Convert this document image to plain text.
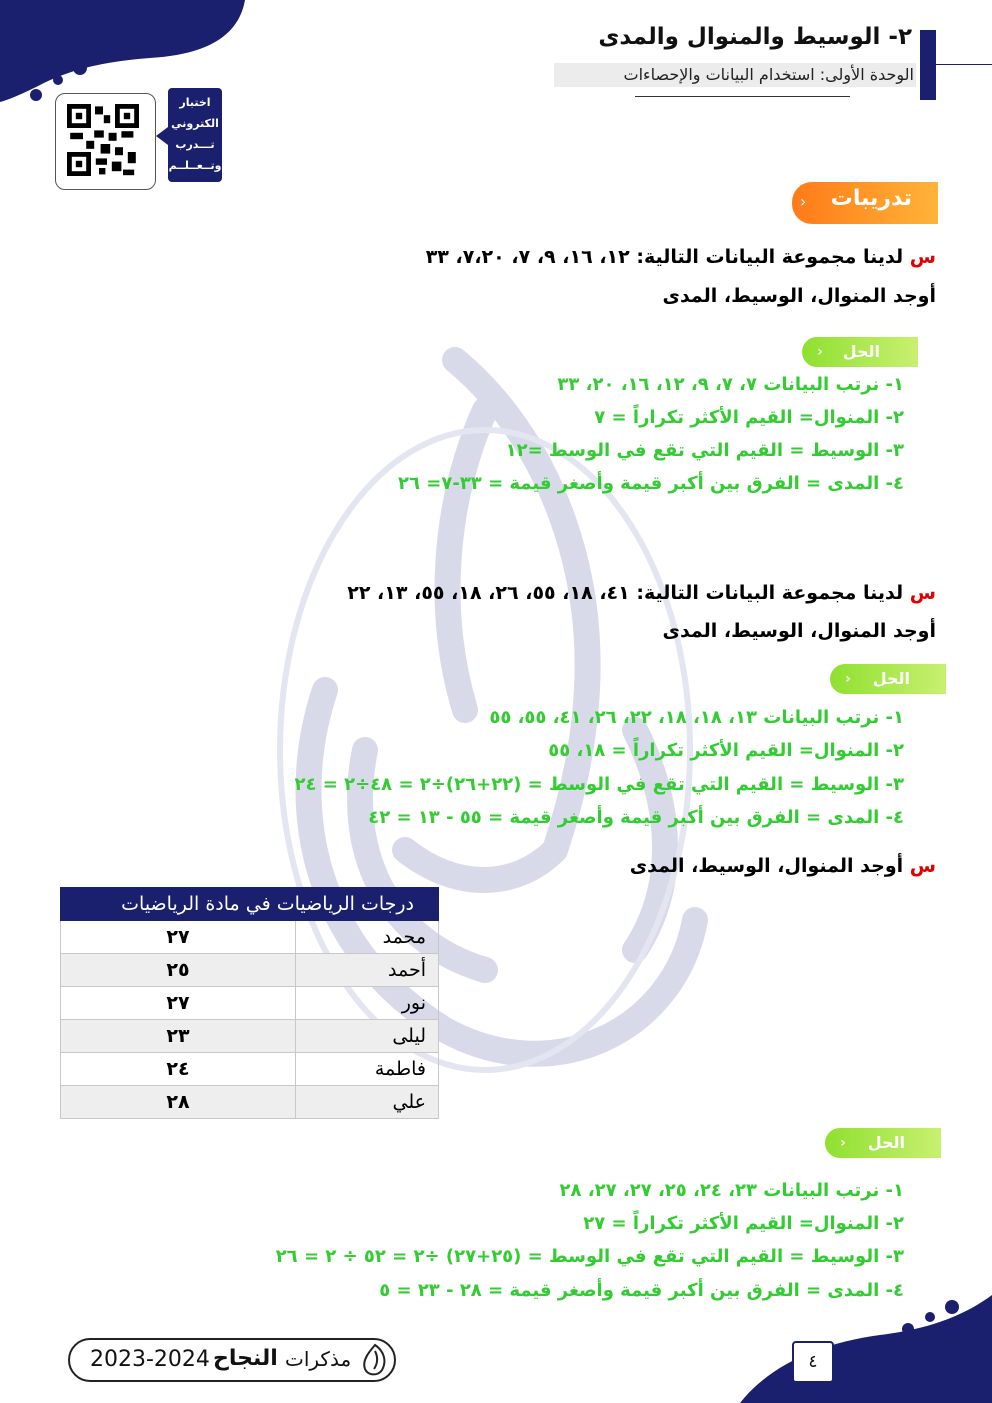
٢- الوسيط والمنوال والمدى
الوحدة الأولى: استخدام البيانات والإحصاءات
اختبار
الكتروني
تـــدرب
وتــعــلــم
تدريبات
›
س لدينا مجموعة البيانات التالية: ١٢، ١٦، ٩، ٧، ٧،٢٠، ٣٣
أوجد المنوال، الوسيط، المدى
الحل
›
١- نرتب البيانات ٧، ٧، ٩، ١٢، ١٦، ٢٠، ٣٣
٢- المنوال= القيم الأكثر تكراراً = ٧
٣- الوسيط = القيم التي تقع في الوسط =١٢
٤- المدى = الفرق بين أكبر قيمة وأصغر قيمة = ٣٣-٧= ٢٦
س لدينا مجموعة البيانات التالية: ٤١، ١٨، ٥٥، ٢٦، ١٨، ٥٥، ١٣، ٢٢
أوجد المنوال، الوسيط، المدى
الحل
›
١- نرتب البيانات ١٣، ١٨، ١٨، ٢٢، ٢٦، ٤١، ٥٥، ٥٥
٢- المنوال= القيم الأكثر تكراراً = ١٨، ٥٥
٣- الوسيط = القيم التي تقع في الوسط = (٢٢+٢٦)÷٢ = ٤٨÷٢ = ٢٤
٤- المدى = الفرق بين أكبر قيمة وأصغر قيمة = ٥٥ - ١٣ = ٤٢
س أوجد المنوال، الوسيط، المدى
درجات الرياضيات في مادة الرياضيات	
محمد	٢٧
أحمد	٢٥
نور	٢٧
ليلى	٢٣
فاطمة	٢٤
علي	٢٨
الحل
›
١- نرتب البيانات ٢٣، ٢٤، ٢٥، ٢٧، ٢٧، ٢٨
٢- المنوال= القيم الأكثر تكراراً = ٢٧
٣- الوسيط = القيم التي تقع في الوسط = (٢٥+٢٧) ÷٢ = ٥٢ ÷ ٢ = ٢٦
٤- المدى = الفرق بين أكبر قيمة وأصغر قيمة = ٢٨ - ٢٣ = ٥
٤
2023-2024 النجاح مذكرات
